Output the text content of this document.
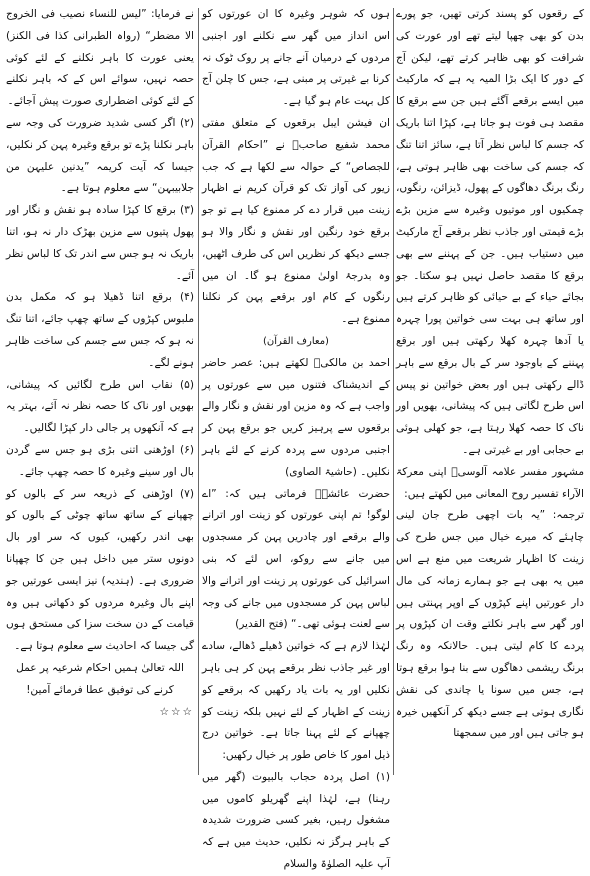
کے رقعوں کو پسند کرتی تھیں، جو پورے بدن کو بھی چھپا لیتے تھے اور عورت کی شرافت کو بھی ظاہر کرتے تھے، لیکن آج کے دور کا ایک بڑا المیہ یہ ہے کہ مارکیٹ میں ایسے برقعے آگئے ہیں جن سے برقع کا مقصد ہی فوت ہو جاتا ہے، کپڑا اتنا باریک کہ جسم کا لباس نظر آتا ہے، سائز اتنا تنگ کہ جسم کی ساخت بھی ظاہر ہوتی ہے، رنگ برنگ دھاگوں کے پھول، ڈیزائن، رنگوں، چمکیوں اور موتیوں وغیرہ سے مزین بڑے بڑے قیمتی اور جاذب نظر برقعے آج مارکیٹ میں دستیاب ہیں۔ جن کے پہننے سے بھی برقع کا مقصد حاصل نہیں ہو سکتا۔ جو بجائے حیاء کے بے حیائی کو ظاہر کرتے ہیں اور ساتھ ہی بہت سی خواتین پورا چہرہ یا آدھا چہرہ کھلا رکھتی ہیں اور برقع پہننے کے باوجود سر کے بال برقع سے باہر ڈالے رکھتی ہیں اور بعض خواتین نو پیس اس طرح لگاتی ہیں کہ پیشانی، بھویں اور ناک کا حصہ کھلا رہتا ہے، جو کھلی ہوئی بے حجابی اور بے غیرتی ہے۔

مشہور مفسر علامہ آلوسیؒ اپنی معرکۃ الآراء تفسیر روح المعانی میں لکھتے ہیں:

ترجمہ: ”یہ بات اچھی طرح جان لینی چاہئے کہ میرے خیال میں جس طرح کی زینت کا اظہار شریعت میں منع ہے اس میں یہ بھی ہے جو ہمارے زمانہ کی مال دار عورتیں اپنے کپڑوں کے اوپر پہنتی ہیں اور گھر سے باہر نکلتے وقت ان کپڑوں پر پردے کا کام لیتی ہیں۔ حالانکہ وہ رنگ برنگ ریشمی دھاگوں سے بنا ہوا برقع ہوتا ہے، جس میں سونا یا چاندی کی نقش نگاری ہوتی ہے جسے دیکھ کر آنکھیں خیرہ ہو جاتی ہیں اور میں سمجھتا

ہوں کہ شوہر وغیرہ کا ان عورتوں کو اس انداز میں گھر سے نکلنے اور اجنبی مردوں کے درمیان آنے جانے پر روک ٹوک نہ کرنا بے غیرتی پر مبنی ہے، جس کا چلن آج کل بہت عام ہو گیا ہے۔

ان فیشن ایبل برقعوں کے متعلق مفتی محمد شفیع صاحبؒ نے ”احکام القرآن للجصاص“ کے حوالہ سے لکھا ہے کہ جب زیور کی آواز تک کو قرآن کریم نے اظہار زینت میں قرار دے کر ممنوع کیا ہے تو جو برقع خود رنگین اور نقش و نگار والا ہو جسے دیکھ کر نظریں اس کی طرف اٹھیں، وہ بدرجۂ اولیٰ ممنوع ہو گا۔ ان میں رنگوں کے کام اور برقعے پہن کر نکلنا ممنوع ہے۔

(معارف القرآن)

احمد بن مالکیؒ لکھتے ہیں: عصر حاضر کے اندیشناک فتنوں میں سے عورتوں پر واجب ہے کہ وہ مزین اور نقش و نگار والے برقعوں سے پرہیز کریں جو برقع پہن کر اجنبی مردوں سے پردہ کرنے کے لئے باہر نکلیں۔ (حاشیۃ الصاوی)

حضرت عائشہؓ فرماتی ہیں کہ: ”اے لوگو! تم اپنی عورتوں کو زینت اور اترانے والے برقعے اور چادریں پہن کر مسجدوں میں جانے سے روکو، اس لئے کہ بنی اسرائیل کی عورتوں پر زینت اور اترانے والا لباس پہن کر مسجدوں میں جانے کی وجہ سے لعنت ہوئی تھی۔“ (فتح القدیر)

لہٰذا لازم ہے کہ خواتین ڈھیلے ڈھالے، سادے اور غیر جاذب نظر برقعے پہن کر ہی باہر نکلیں اور یہ بات یاد رکھیں کہ برقعے کو زینت کے اظہار کے لئے نہیں بلکہ زینت کو چھپانے کے لئے پہنا جاتا ہے۔ خواتین درج ذیل امور کا خاص طور پر خیال رکھیں:

(۱) اصل پردہ حجاب بالبیوت (گھر میں رہنا) ہے، لہٰذا اپنے گھریلو کاموں میں مشغول رہیں، بغیر کسی ضرورت شدیدہ کے باہر ہرگز نہ نکلیں، حدیث میں ہے کہ آپ علیہ الصلوٰۃ والسلام

نے فرمایا: ”لیس للنساء نصیب فی الخروج الا مضطر“ (رواہ الطبرانی کذا فی الکنز) یعنی عورت کا باہر نکلنے کے لئے کوئی حصہ نہیں، سوائے اس کے کہ باہر نکلنے کے لئے کوئی اضطراری صورت پیش آجائے۔

(۲) اگر کسی شدید ضرورت کی وجہ سے باہر نکلنا پڑے تو برقع وغیرہ پہن کر نکلیں، جیسا کہ آیت کریمہ ”یدنین علیہن من جلابیبہن“ سے معلوم ہوتا ہے۔

(۳) برقع کا کپڑا سادہ ہو نقش و نگار اور پھول پتیوں سے مزین بھڑک دار نہ ہو، اتنا باریک نہ ہو جس سے اندر تک کا لباس نظر آئے۔

(۴) برقع اتنا ڈھیلا ہو کہ مکمل بدن ملبوس کپڑوں کے ساتھ چھپ جائے، اتنا تنگ نہ ہو کہ جس سے جسم کی ساخت ظاہر ہونے لگے۔

(۵) نقاب اس طرح لگائیں کہ پیشانی، بھویں اور ناک کا حصہ نظر نہ آئے، بہتر یہ ہے کہ آنکھوں پر جالی دار کپڑا لگالیں۔

(۶) اوڑھنی اتنی بڑی ہو جس سے گردن بال اور سینے وغیرہ کا حصہ چھپ جائے۔

(۷) اوڑھنی کے ذریعہ سر کے بالوں کو چھپانے کے ساتھ ساتھ چوٹی کے بالوں کو بھی اندر رکھیں، کیوں کہ سر اور بال دونوں ستر میں داخل ہیں جن کا چھپانا ضروری ہے۔ (ہندیہ) نیز ایسی عورتیں جو اپنے بال وغیرہ مردوں کو دکھاتی ہیں وہ قیامت کے دن سخت سزا کی مستحق ہوں گی جیسا کہ احادیث سے معلوم ہوتا ہے۔

اللہ تعالیٰ ہمیں احکام شرعیہ پر عمل کرنے کی توفیق عطا فرمائے آمین!

☆☆☆
